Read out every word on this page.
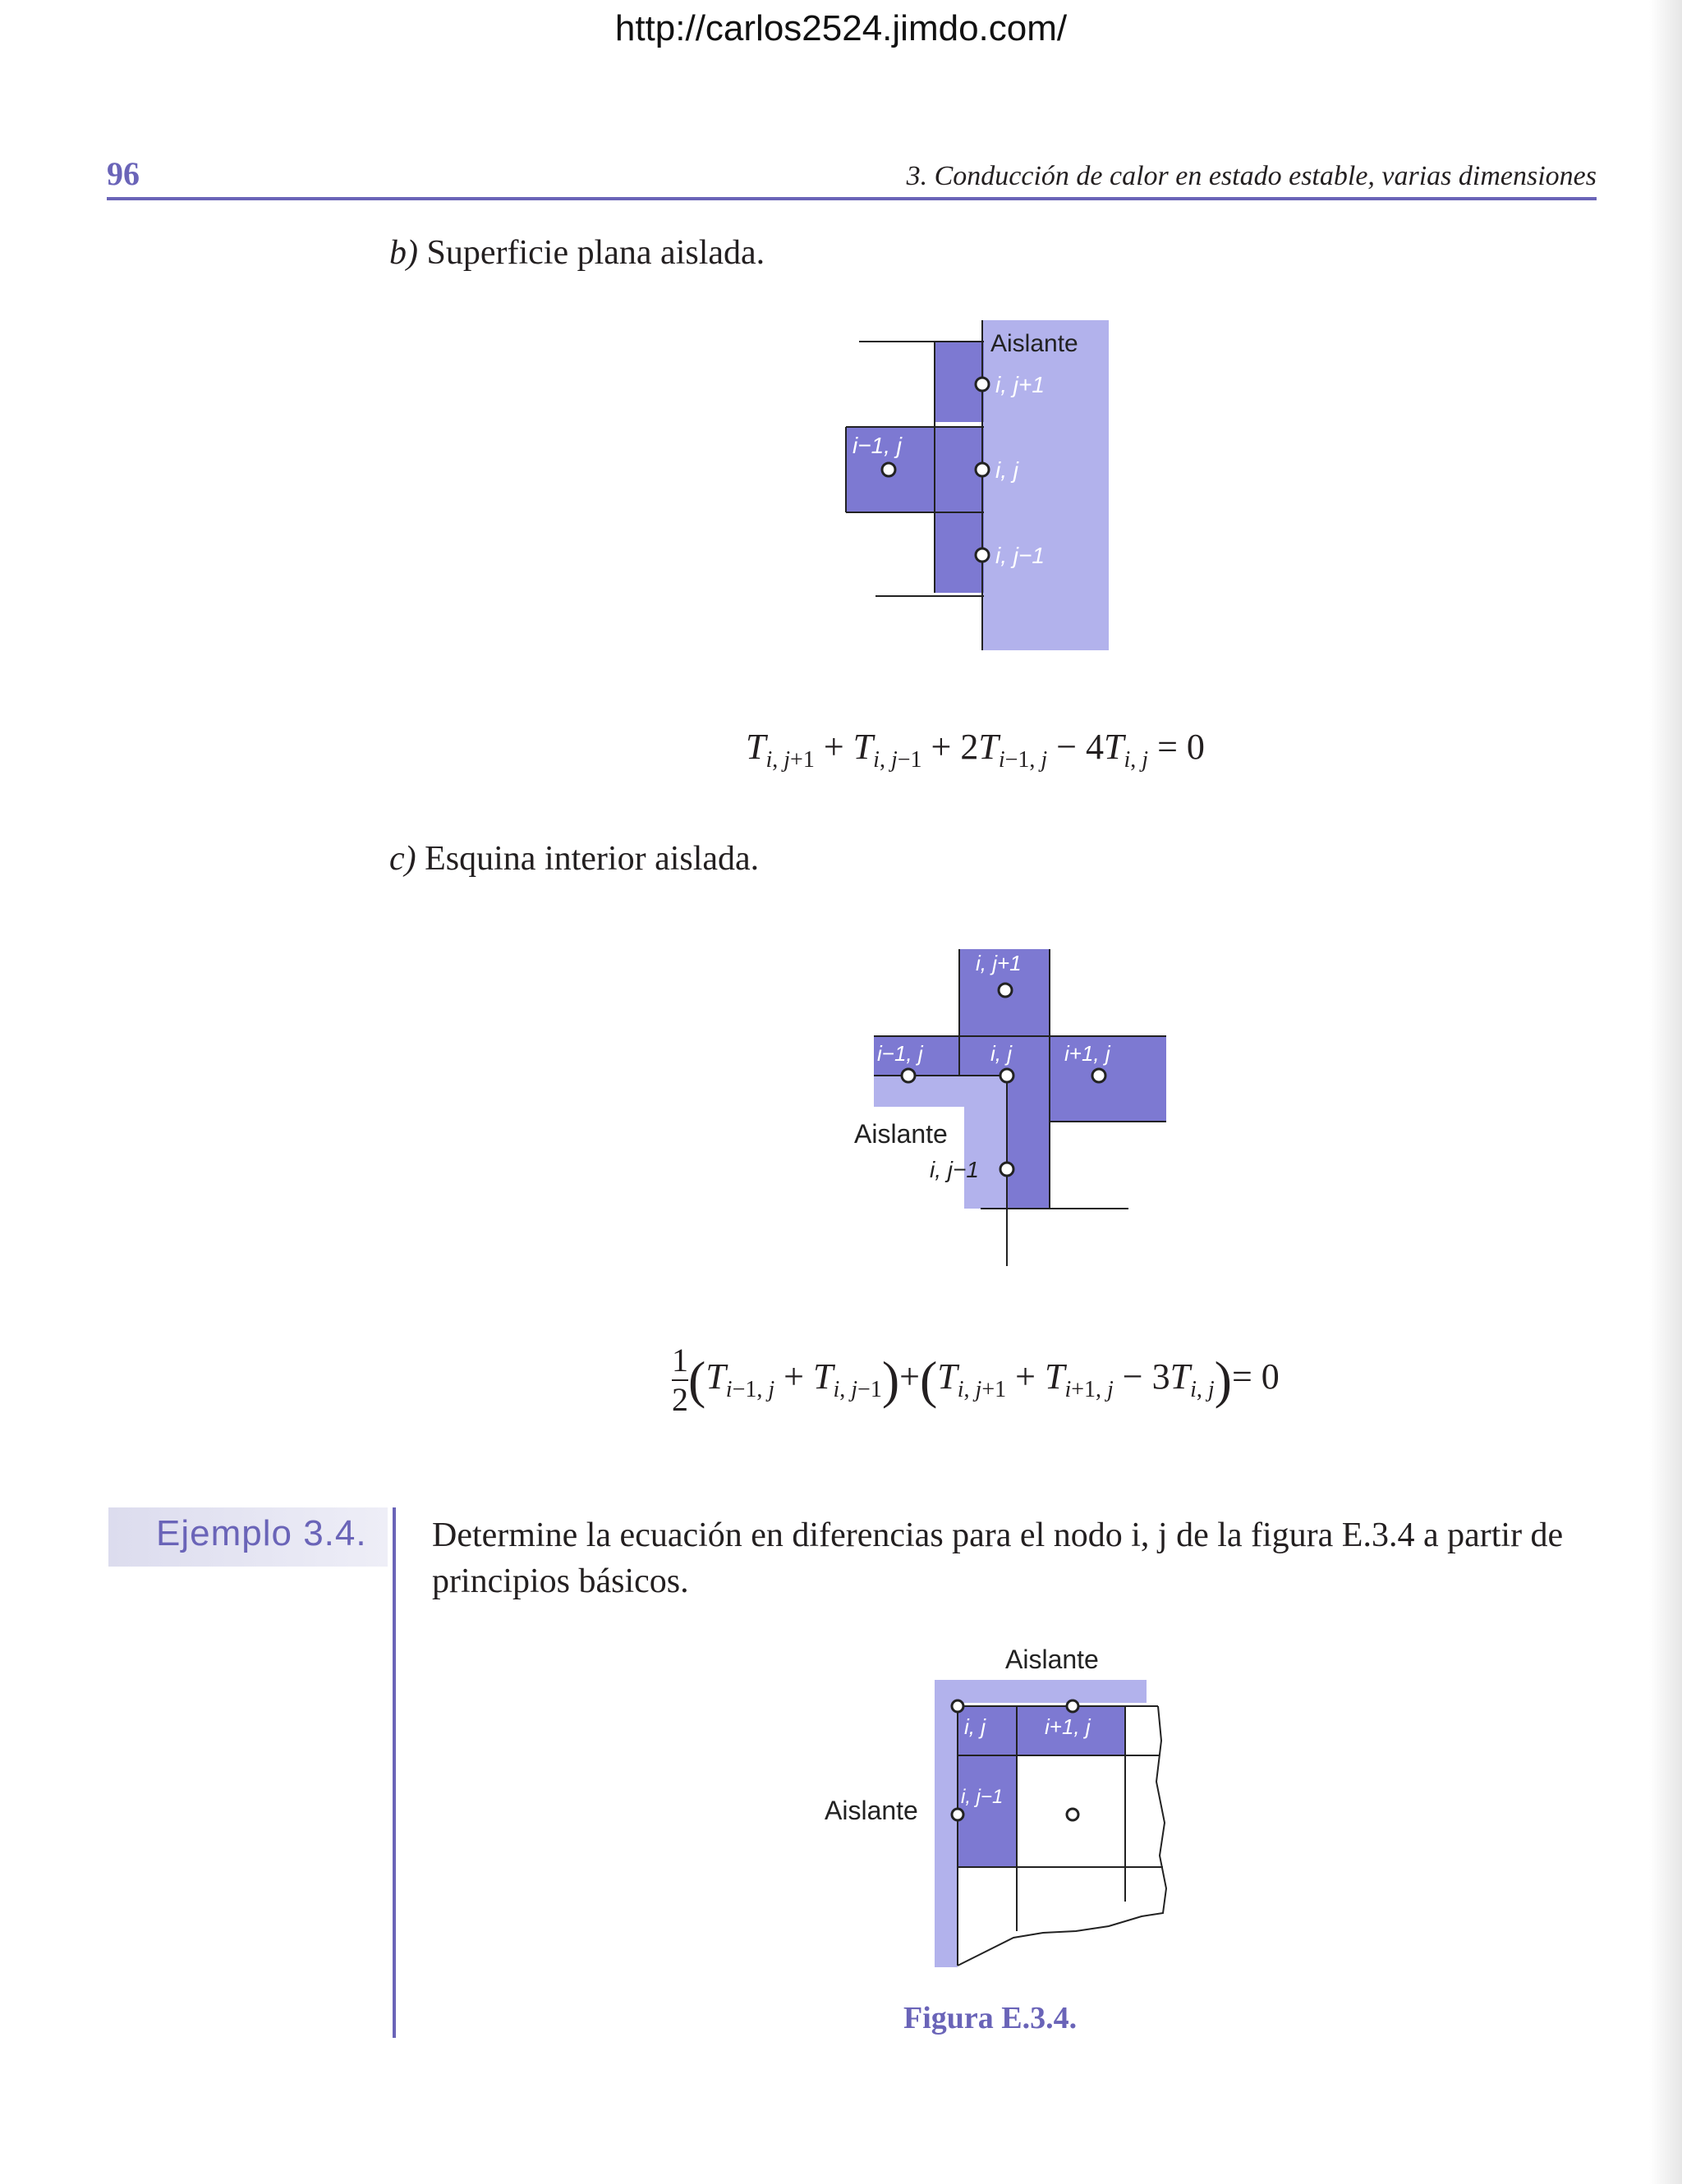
http://carlos2524.jimdo.com/
96	3. Conducción de calor en estado estable, varias dimensiones
b) Superficie plana aislada.
Aislante
i, j+1
i−1, j
i, j
i, j−1
$T_{i, j+1} + T_{i, j-1} + 2T_{i-1, j} - 4T_{i, j} = 0$
c) Esquina interior aislada.
i, j+1
i−1, j	i, j i+1, j
Aislante
i, j−1
1

2 $(T_{i-1, j} + T_{i, j-1})+(T_{i, j+1} + T_{i+1, j} - 3T_{i, j})= 0$
Ejemplo 3.4. Determine la ecuación en diferencias para el nodo i, j de la figura E.3.4 a partir de principios básicos.
Aislante
Aislante
i, j	i+1, j
i, j−1
Figura E.3.4.
